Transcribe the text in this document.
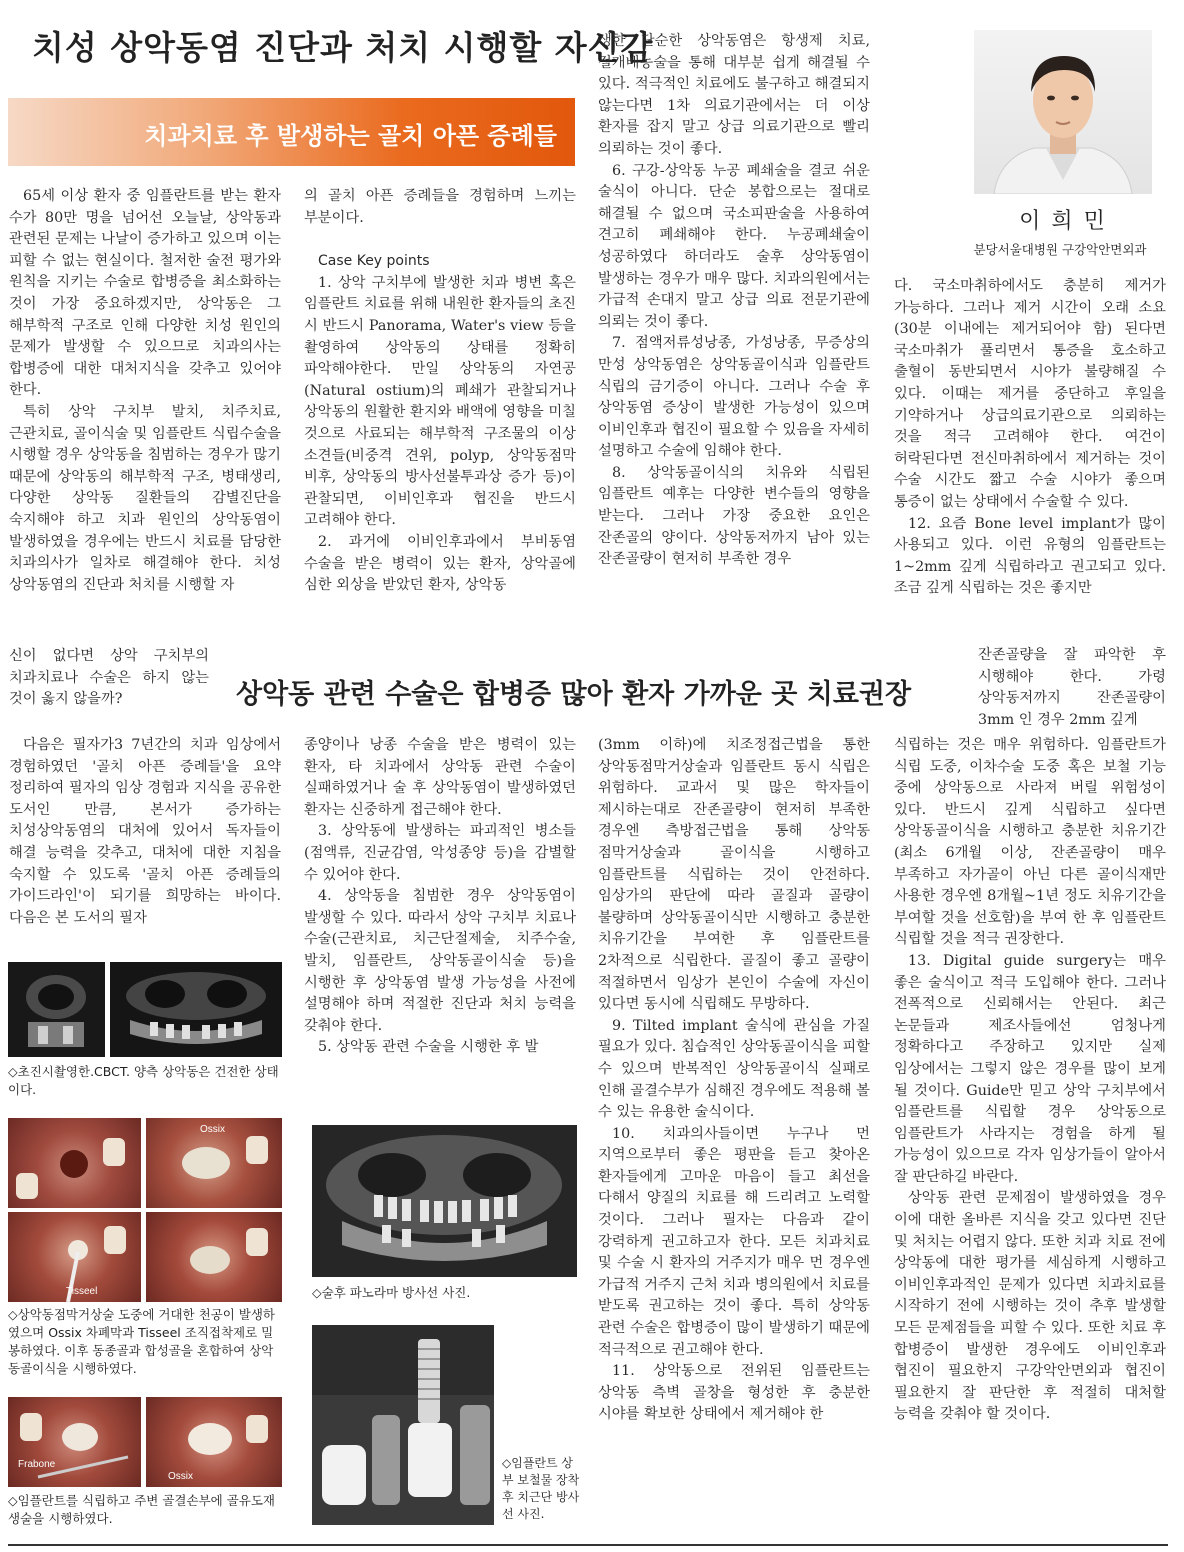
치성 상악동염 진단과 처치 시행할 자신감
치과치료 후 발생하는 골치 아픈 증례들

65세 이상 환자 중 임플란트를 받는 환자 수가 80만 명을 넘어선 오늘날, 상악동과 관련된 문제는 나날이 증가하고 있으며 이는 피할 수 없는 현실이다. 철저한 술전 평가와 원칙을 지키는 수술로 합병증을 최소화하는 것이 가장 중요하겠지만, 상악동은 그 해부학적 구조로 인해 다양한 치성 원인의 문제가 발생할 수 있으므로 치과의사는 합병증에 대한 대처지식을 갖추고 있어야 한다.

특히 상악 구치부 발치, 치주치료, 근관치료, 골이식술 및 임플란트 식립수술을 시행할 경우 상악동을 침범하는 경우가 많기 때문에 상악동의 해부학적 구조, 병태생리, 다양한 상악동 질환들의 감별진단을 숙지해야 하고 치과 원인의 상악동염이 발생하였을 경우에는 반드시 치료를 담당한 치과의사가 일차로 해결해야 한다. 치성 상악동염의 진단과 처치를 시행할 자

신이 없다면 상악 구치부의 치과치료나 수술은 하지 않는 것이 옳지 않을까?

의 골치 아픈 증례들을 경험하며 느끼는 부분이다.

Case Key points

1. 상악 구치부에 발생한 치과 병변 혹은 임플란트 치료를 위해 내원한 환자들의 초진 시 반드시 Panorama, Water's view 등을 촬영하여 상악동의 상태를 정확히 파악해야한다. 만일 상악동의 자연공(Natural ostium)의 폐쇄가 관찰되거나 상악동의 원활한 환지와 배액에 영향을 미칠 것으로 사료되는 해부학적 구조물의 이상 소견들(비중격 견위, polyp, 상악동점막 비후, 상악동의 방사선불투과상 증가 등)이 관찰되면, 이비인후과 협진을 반드시 고려해야 한다.

2. 과거에 이비인후과에서 부비동염 수술을 받은 병력이 있는 환자, 상악골에 심한 외상을 받았던 환자, 상악동

생한 단순한 상악동염은 항생제 치료, 절개배농술을 통해 대부분 쉽게 해결될 수 있다. 적극적인 치료에도 불구하고 해결되지 않는다면 1차 의료기관에서는 더 이상 환자를 잡지 말고 상급 의료기관으로 빨리 의뢰하는 것이 좋다.

6. 구강-상악동 누공 폐쇄술을 결코 쉬운 술식이 아니다. 단순 봉합으로는 절대로 해결될 수 없으며 국소피판술을 사용하여 견고히 폐쇄해야 한다. 누공폐쇄술이 성공하였다 하더라도 술후 상악동염이 발생하는 경우가 매우 많다. 치과의원에서는 가급적 손대지 말고 상급 의료 전문기관에 의뢰는 것이 좋다.

7. 점액저류성낭종, 가성낭종, 무증상의 만성 상악동염은 상악동골이식과 임플란트 식립의 금기증이 아니다. 그러나 수술 후 상악동염 증상이 발생한 가능성이 있으며 이비인후과 협진이 필요할 수 있음을 자세히 설명하고 수술에 임해야 한다.

8. 상악동골이식의 치유와 식립된 임플란트 예후는 다양한 변수들의 영향을 받는다. 그러나 가장 중요한 요인은 잔존골의 양이다. 상악동저까지 남아 있는 잔존골량이 현저히 부족한 경우

이 희 민
분당서울대병원 구강악안면외과

다. 국소마취하에서도 충분히 제거가 가능하다. 그러나 제거 시간이 오래 소요(30분 이내에는 제거되어야 함) 된다면 국소마취가 풀리면서 통증을 호소하고 출혈이 동반되면서 시야가 불량해질 수 있다. 이때는 제거를 중단하고 후일을 기약하거나 상급의료기관으로 의뢰하는 것을 적극 고려해야 한다. 여건이 허락된다면 전신마취하에서 제거하는 것이 수술 시간도 짧고 수술 시야가 좋으며 통증이 없는 상태에서 수술할 수 있다.

12. 요즘 Bone level implant가 많이 사용되고 있다. 이런 유형의 임플란트는 1~2mm 깊게 식립하라고 권고되고 있다. 조금 깊게 식립하는 것은 좋지만

잔존골량을 잘 파악한 후 시행해야 한다. 가령 상악동저까지 잔존골량이 3mm 인 경우 2mm 깊게

상악동 관련 수술은 합병증 많아 환자 가까운 곳 치료권장

다음은 필자가3 7년간의 치과 임상에서 경험하였던 '골치 아픈 증례들'을 요약 정리하여 필자의 임상 경험과 지식을 공유한 도서인 만큼, 본서가 증가하는 치성상악동염의 대처에 있어서 독자들이 해결 능력을 갖추고, 대처에 대한 지침을 숙지할 수 있도록 '골치 아픈 증례들의 가이드라인'이 되기를 희망하는 바이다. 다음은 본 도서의 필자

종양이나 낭종 수술을 받은 병력이 있는 환자, 타 치과에서 상악동 관련 수술이 실패하였거나 술 후 상악동염이 발생하였던 환자는 신중하게 접근해야 한다.

3. 상악동에 발생하는 파괴적인 병소들(점액류, 진균감염, 악성종양 등)을 감별할 수 있어야 한다.

4. 상악동을 침범한 경우 상악동염이 발생할 수 있다. 따라서 상악 구치부 치료나 수술(근관치료, 치근단절제술, 치주수술, 발치, 임플란트, 상악동골이식술 등)을 시행한 후 상악동염 발생 가능성을 사전에 설명해야 하며 적절한 진단과 처치 능력을 갖춰야 한다.

5. 상악동 관련 수술을 시행한 후 발

(3mm 이하)에 치조정접근법을 통한 상악동점막거상술과 임플란트 동시 식립은 위험하다. 교과서 및 많은 학자들이 제시하는대로 잔존골량이 현저히 부족한 경우엔 측방접근법을 통해 상악동 점막거상술과 골이식을 시행하고 임플란트를 식립하는 것이 안전하다. 임상가의 판단에 따라 골질과 골량이 불량하며 상악동골이식만 시행하고 충분한 치유기간을 부여한 후 임플란트를 2차적으로 식립한다. 골질이 좋고 골량이 적절하면서 임상가 본인이 수술에 자신이 있다면 동시에 식립해도 무방하다.

9. Tilted implant 술식에 관심을 가질 필요가 있다. 침습적인 상악동골이식을 피할 수 있으며 반복적인 상악동골이식 실패로 인해 골결수부가 심해진 경우에도 적용해 볼 수 있는 유용한 술식이다.

10. 치과의사들이면 누구나 먼 지역으로부터 좋은 평판을 듣고 찾아온 환자들에게 고마운 마음이 들고 최선을 다해서 양질의 치료를 해 드리려고 노력할 것이다. 그러나 필자는 다음과 같이 강력하게 권고하고자 한다. 모든 치과치료 및 수술 시 환자의 거주지가 매우 먼 경우엔 가급적 거주지 근처 치과 병의원에서 치료를 받도록 권고하는 것이 좋다. 특히 상악동 관련 수술은 합병증이 많이 발생하기 때문에 적극적으로 권고해야 한다.

11. 상악동으로 전위된 임플란트는 상악동 측벽 골창을 형성한 후 충분한 시야를 확보한 상태에서 제거해야 한

식립하는 것은 매우 위험하다. 임플란트가 식립 도중, 이차수술 도중 혹은 보철 기능 중에 상악동으로 사라져 버릴 위험성이 있다. 반드시 깊게 식립하고 싶다면 상악동골이식을 시행하고 충분한 치유기간(최소 6개월 이상, 잔존골량이 매우 부족하고 자가골이 아닌 다른 골이식재만 사용한 경우엔 8개월~1년 정도 치유기간을 부여할 것을 선호함)을 부여 한 후 임플란트 식립할 것을 적극 권장한다.

13. Digital guide surgery는 매우 좋은 술식이고 적극 도입해야 한다. 그러나 전폭적으로 신뢰해서는 안된다. 최근 논문들과 제조사들에선 엄청나게 정확하다고 주장하고 있지만 실제 임상에서는 그렇지 않은 경우를 많이 보게 될 것이다. Guide만 믿고 상악 구치부에서 임플란트를 식립할 경우 상악동으로 임플란트가 사라지는 경험을 하게 될 가능성이 있으므로 각자 임상가들이 알아서 잘 판단하길 바란다.

상악동 관련 문제점이 발생하였을 경우 이에 대한 올바른 지식을 갖고 있다면 진단 및 처치는 어렵지 않다. 또한 치과 치료 전에 상악동에 대한 평가를 세심하게 시행하고 이비인후과적인 문제가 있다면 치과치료를 시작하기 전에 시행하는 것이 추후 발생할 모든 문제점들을 피할 수 있다. 또한 치료 후 합병증이 발생한 경우에도 이비인후과 협진이 필요한지 구강악안면외과 협진이 필요한지 잘 판단한 후 적절히 대처할 능력을 갖춰야 할 것이다.

◇초진시촬영한.CBCT. 양측 상악동은 건전한 상태이다.
Ossix
Tisseel
◇상악동점막거상술 도중에 거대한 천공이 발생하였으며 Ossix 차폐막과 Tisseel 조직접착제로 밀봉하였다. 이후 동종골과 합성골을 혼합하여 상악동골이식을 시행하였다.
Frabone
Ossix
◇임플란트를 식립하고 주변 골결손부에 골유도재생술을 시행하였다.
◇술후 파노라마 방사선 사진.
◇임플란트 상부 보철물 장착 후 치근단 방사선 사진.
